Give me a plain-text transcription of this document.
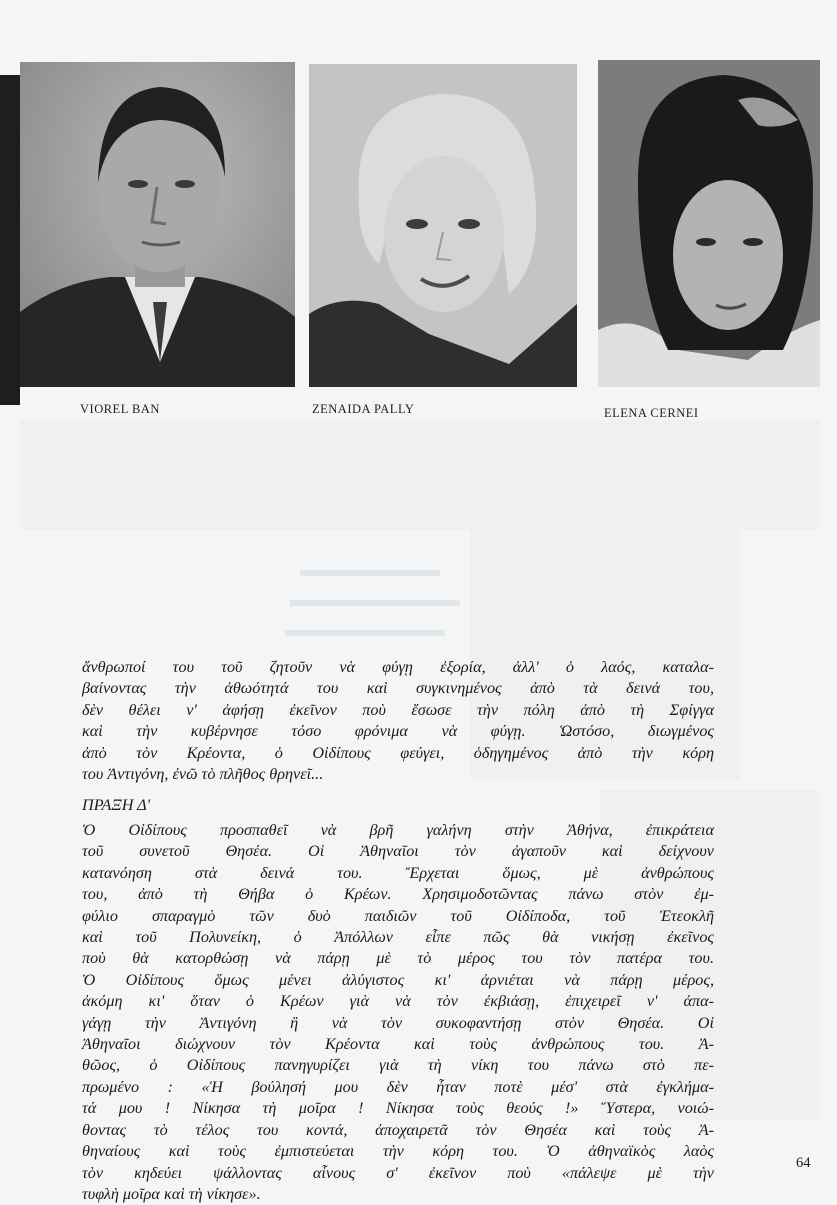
VIOREL BAN	ZENAIDA PALLY	ELENA CERNEI
ἄνθρωποί του τοῦ ζητοῦν νὰ φύγῃ ἐξορία, ἀλλ' ὁ λαός, καταλα-
βαίνοντας τὴν ἀθωότητά του καὶ συγκινημένος ἀπὸ τὰ δεινά του,
δὲν θέλει ν' ἀφήσῃ ἐκεῖνον ποὺ ἔσωσε τὴν πόλη ἀπὸ τὴ Σφίγγα
καὶ τὴν κυβέρνησε τόσο φρόνιμα νὰ φύγῃ. Ὡστόσο, διωγμένος
ἀπὸ τὸν Κρέοντα, ὁ Οἰδίπους φεύγει, ὁδηγημένος ἀπὸ τὴν κόρη
του Ἀντιγόνη, ἐνῶ τὸ πλῆθος θρηνεῖ...
ΠΡΑΞΗ Δ'
Ὁ Οἰδίπους προσπαθεῖ νὰ βρῆ γαλήνη στὴν Ἀθήνα, ἐπικράτεια
τοῦ συνετοῦ Θησέα. Οἱ Ἀθηναῖοι τὸν ἀγαποῦν καὶ δείχνουν
κατανόηση στὰ δεινά του. Ἔρχεται ὅμως, μὲ ἀνθρώπους
του, ἀπὸ τὴ Θήβα ὁ Κρέων. Χρησιμοδοτῶντας πάνω στὸν ἐμ-
φύλιο σπαραγμὸ τῶν δυὸ παιδιῶν τοῦ Οἰδίποδα, τοῦ Ἐτεοκλῆ
καὶ τοῦ Πολυνείκη, ὁ Ἀπόλλων εἶπε πῶς θὰ νικήσῃ ἐκεῖνος
ποὺ θὰ κατορθώσῃ νὰ πάρῃ μὲ τὸ μέρος του τὸν πατέρα του.
Ὁ Οἰδίπους ὅμως μένει ἀλύγιστος κι' ἀρνιέται νὰ πάρῃ μέρος,
ἀκόμη κι' ὅταν ὁ Κρέων γιὰ νὰ τὸν ἐκβιάσῃ, ἐπιχειρεῖ ν' ἀπα-
γάγῃ τὴν Ἀντιγόνη ἢ νὰ τὸν συκοφαντήσῃ στὸν Θησέα. Οἱ
Ἀθηναῖοι διώχνουν τὸν Κρέοντα καὶ τοὺς ἀνθρώπους του. Ἀ-
θῶος, ὁ Οἰδίπους πανηγυρίζει γιὰ τὴ νίκη του πάνω στὸ πε-
πρωμένο : «Ἡ βούλησή μου δὲν ἦταν ποτὲ μέσ' στὰ ἐγκλήμα-
τά μου ! Νίκησα τὴ μοῖρα ! Νίκησα τοὺς θεούς !» Ὕστερα, νοιώ-
θοντας τὸ τέλος του κοντά, ἀποχαιρετᾶ τὸν Θησέα καὶ τοὺς Ἀ-
θηναίους καὶ τοὺς ἐμπιστεύεται τὴν κόρη του. Ὁ ἀθηναϊκὸς λαὸς
τὸν κηδεύει ψάλλοντας αἶνους σ' ἐκεῖνον ποὺ «πάλεψε μὲ τὴν
τυφλὴ μοῖρα καὶ τὴ νίκησε».
64
